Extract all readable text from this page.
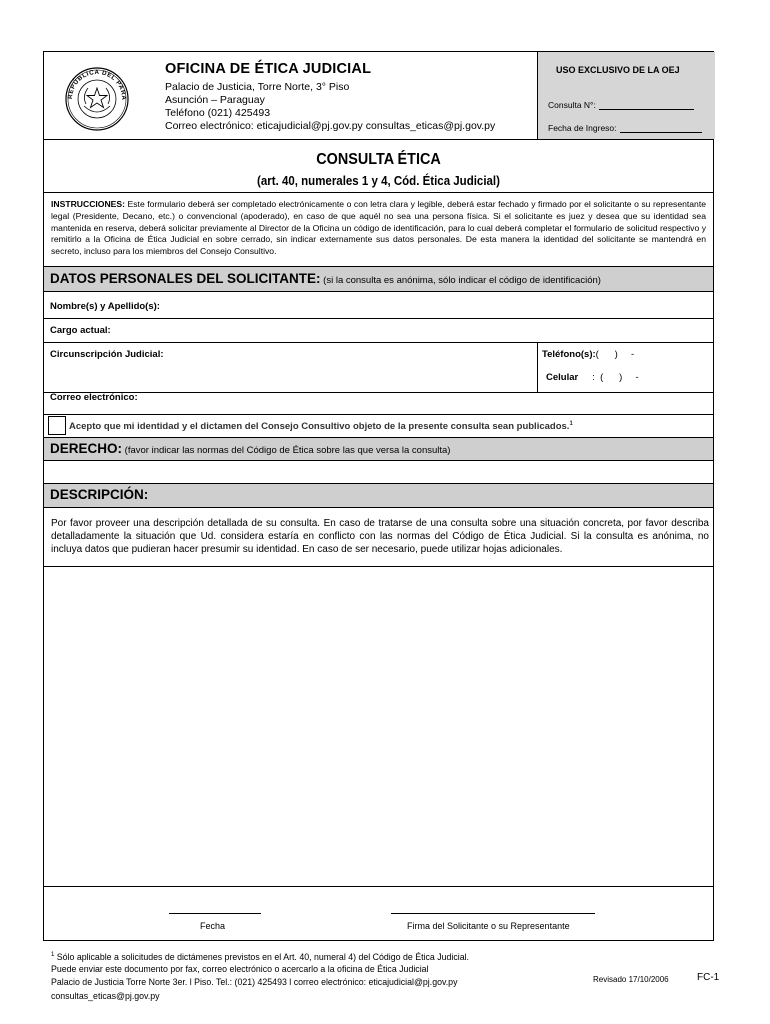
REPÚBLICA DEL PARA
OFICINA DE ÉTICA JUDICIAL
Palacio de Justicia, Torre Norte, 3° Piso
Asunción – Paraguay
Teléfono (021) 425493
Correo electrónico: eticajudicial@pj.gov.py consultas_eticas@pj.gov.py
USO EXCLUSIVO DE LA OEJ
Consulta N°:
Fecha de Ingreso:
CONSULTA ÉTICA
(art. 40, numerales 1 y 4, Cód. Ética Judicial)
INSTRUCCIONES: Este formulario deberá ser completado electrónicamente o con letra clara y legible, deberá estar fechado y firmado por el solicitante o su representante legal (Presidente, Decano, etc.) o convencional (apoderado), en caso de que aquél no sea una persona física. Si el solicitante es juez y desea que su identidad sea mantenida en reserva, deberá solicitar previamente al Director de la Oficina un código de identificación, para lo cual deberá completar el formulario de solicitud respectivo y remitirlo a la Oficina de Ética Judicial en sobre cerrado, sin indicar externamente sus datos personales. De esta manera la identidad del solicitante se mantendrá en secreto, incluso para los miembros del Consejo Consultivo.
DATOS PERSONALES DEL SOLICITANTE: (si la consulta es anónima, sólo indicar el código de identificación)
Nombre(s) y Apellido(s):
Cargo actual:
Circunscripción Judicial:	Teléfono(s):(      )     -
Celular :  (      )     -
Correo electrónico:
Acepto que mi identidad y el dictamen del Consejo Consultivo objeto de la presente consulta sean publicados.$^1$
DERECHO: (favor indicar las normas del Código de Ética sobre las que versa la consulta)
DESCRIPCIÓN:
Por favor proveer una descripción detallada de su consulta. En caso de tratarse de una consulta sobre una situación concreta, por favor describa detalladamente la situación que Ud. considera estaría en conflicto con las normas del Código de Ética Judicial. Si la consulta es anónima, no incluya datos que pudieran hacer presumir su identidad. En caso de ser necesario, puede utilizar hojas adicionales.
Fecha	Firma del Solicitante o su Representante
$^1$ Sólo aplicable a solicitudes de dictámenes previstos en el Art. 40, numeral 4) del Código de Ética Judicial.
Puede enviar este documento por fax, correo electrónico o acercarlo a la oficina de Ética Judicial
Palacio de Justicia Torre Norte 3er. l Piso. Tel.: (021) 425493 l correo electrónico: eticajudicial@pj.gov.py
consultas_eticas@pj.gov.py
Revisado 17/10/2006	FC-1
